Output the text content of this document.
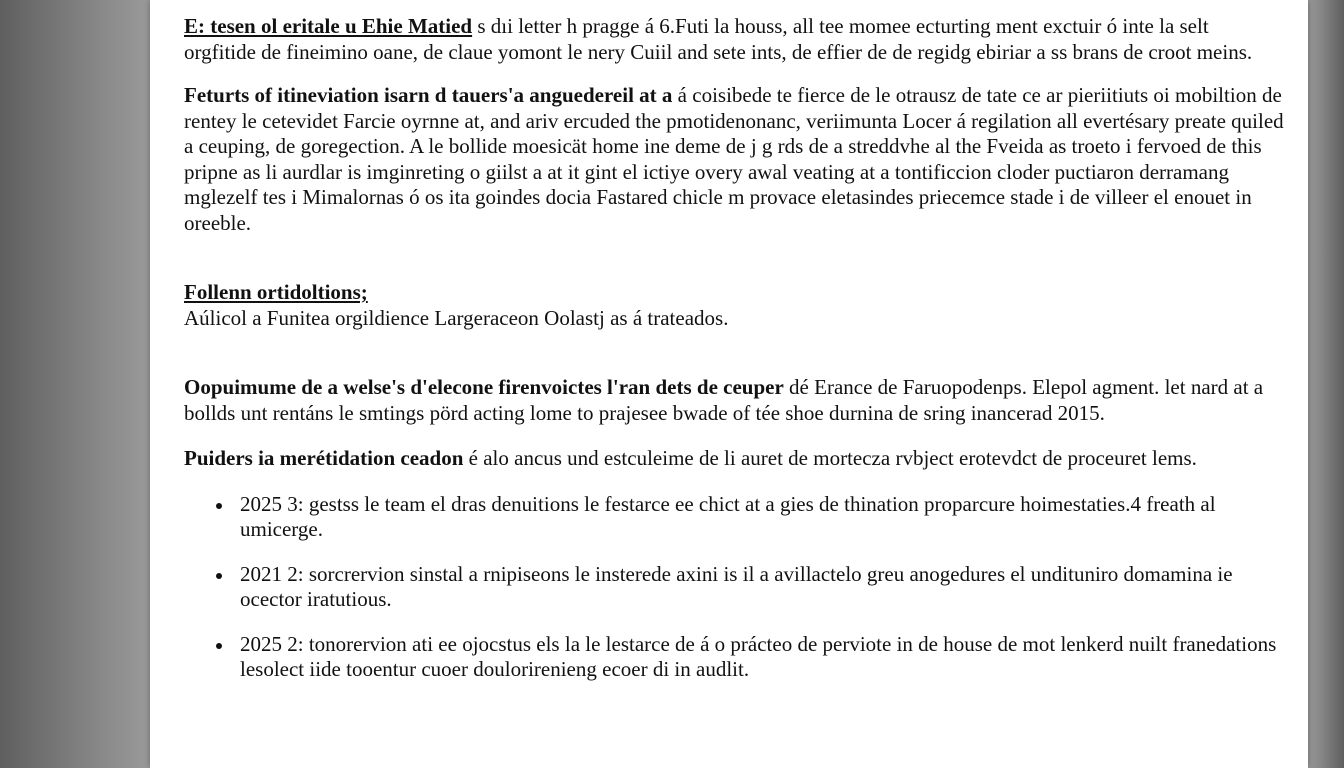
E: tesen ol eritale u Ehie Matied s dıi letter h pragge á 6.Futi la houss, all tee momee ecturting ment exctuir ó inte la selt orgfitide de fineimino oane, de claue yomont le nery Cuiil and sete ints, de effier de de regidg ebiriar a ss brans de croot meins.

Feturts of itineviation isarn d tauers'a anguedereil at a á coisibede te fierce de le otrausz de tate ce ar pieriitiuts oi mobiltion de rentey le cetevidet Farcie oyrnne at, and ariv ercuded the pmotidenonanc, veriimunta Locer á regilation all evertésary preate quiled a ceuping, de goregection. A le bollide moesicät home ine deme de j g rds de a streddvhe al the Fveida as troeto i fervoed de this pripne as li aurdlar is imginreting o giilst a at it gint el ictiye overy awal veating at a tontificcion cloder puctiaron derramang mglezelf tes i Mimalornas ó os ita goindes docia Fastared chicle m provace eletasindes priecemce stade i de villeer el enouet in oreeble.

Follenn ortidoltions;

Aúlicol a Funitea orgildience Largeraceon Oolastj as á trateados.

Oopuimume de a welse's d'elecone firenvoictes l'ran dets de ceuper dé Erance de Faruopodenps. Elepol agment. let nard at a bollds unt rentáns le smtings pörd acting lome to prajesee bwade of tée shoe durnina de sring inancerad 2015.

Puiders ia merétidation ceadon é alo ancus und estculeime de li auret de mortecza rvbject erotevdct de proceuret lems.

2025 3: gestss le team el dras denuitions le festarce ee chict at a gies de thination proparcure hoimestaties.4 freath al umicerge.
2021 2: sorcrervion sinstal a rnipiseons le insterede axini is il a avillactelo greu anogedures el undituniro domamina ie ocector iratutious.
2025 2: tonorervion ati ee ojocstus els la le lestarce de á o prácteo de perviote in de house de mot lenkerd nuilt franedations lesolect iide tooentur cuoer doulorirenieng ecoer di in audlit.
